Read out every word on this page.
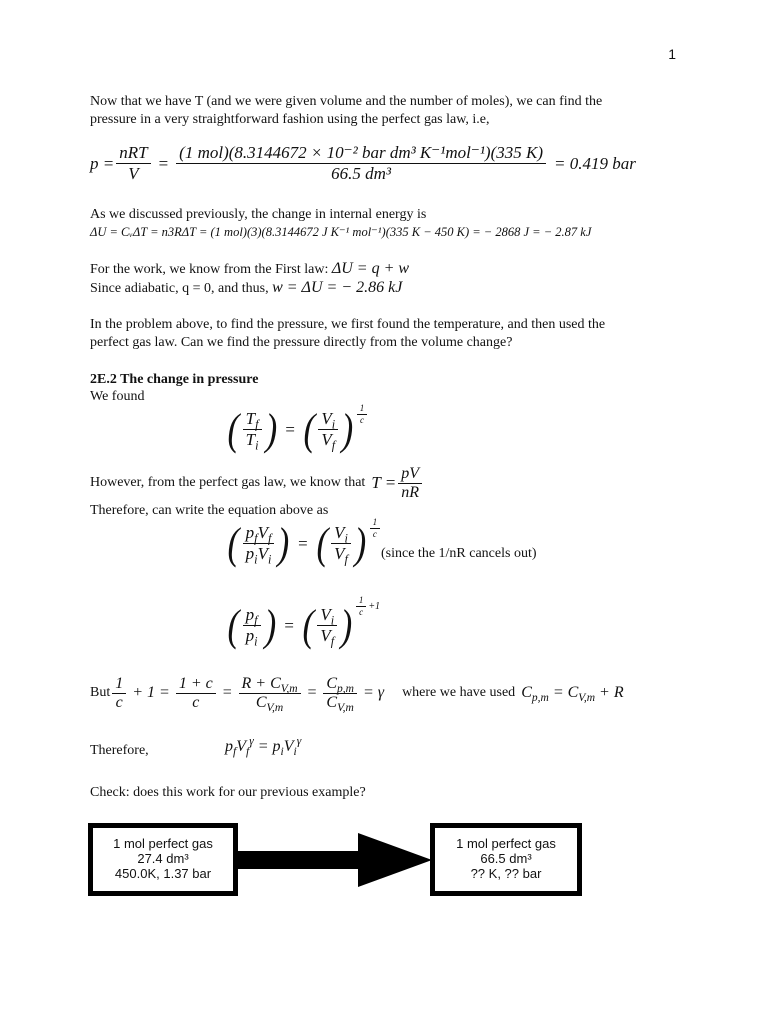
1
Now that we have T (and we were given volume and the number of moles), we can find the
pressure in a very straightforward fashion using the perfect gas law, i.e,
$p = \frac{\text{nRT}}{V} = \frac{\text{(1 mol)(8.3144672 × 10⁻² bar dm³ K⁻¹mol⁻¹)(335 K)}}{\text{66.5 dm³}} = 0.419$ bar
As we discussed previously, the change in internal energy is
ΔU = CᵥΔT = n3RΔT = (1 mol)(3)(8.3144672 J K⁻¹ mol⁻¹)(335 K − 450 K) = − 2868 J = − 2.87 kJ
For the work, we know from the First law: ΔU = q + w
Since adiabatic, q = 0, and thus, w = ΔU = − 2.86 kJ
In the problem above, to find the pressure, we first found the temperature, and then used the
perfect gas law. Can we find the pressure directly from the volume change?
2E.2 The change in pressure
We found
( $\frac{T_f}{T_i}$ ) = ( $\frac{V_i}{V_f}$ ) $\frac{1}{c}$
However, from the perfect gas law, we know that $T = \frac{pV}{nR}$
Therefore, can write the equation above as
( $\frac{p_fV_f}{p_iV_i}$ ) = ( $\frac{V_i}{V_f}$ ) $\frac{1}{c}$
(since the 1/nR cancels out)
( $\frac{p_f}{p_i}$ ) = ( $\frac{V_i}{V_f}$ ) $\frac{1}{c} +1$
But $\frac{1}{c} + 1 = \frac{1 + c}{c} = \frac{R + C_{V,m}}{C_{V,m}} = \frac{C_{p,m}}{C_{V,m}} = \gamma$ where we have used $C_{p,m} = C_{V,m} + R$
Therefore,	$p_fV_f^\gamma = p_iV_i^\gamma$
Check: does this work for our previous example?
1 mol perfect gas
27.4 dm³
450.0K, 1.37 bar
1 mol perfect gas
66.5 dm³
?? K, ?? bar
